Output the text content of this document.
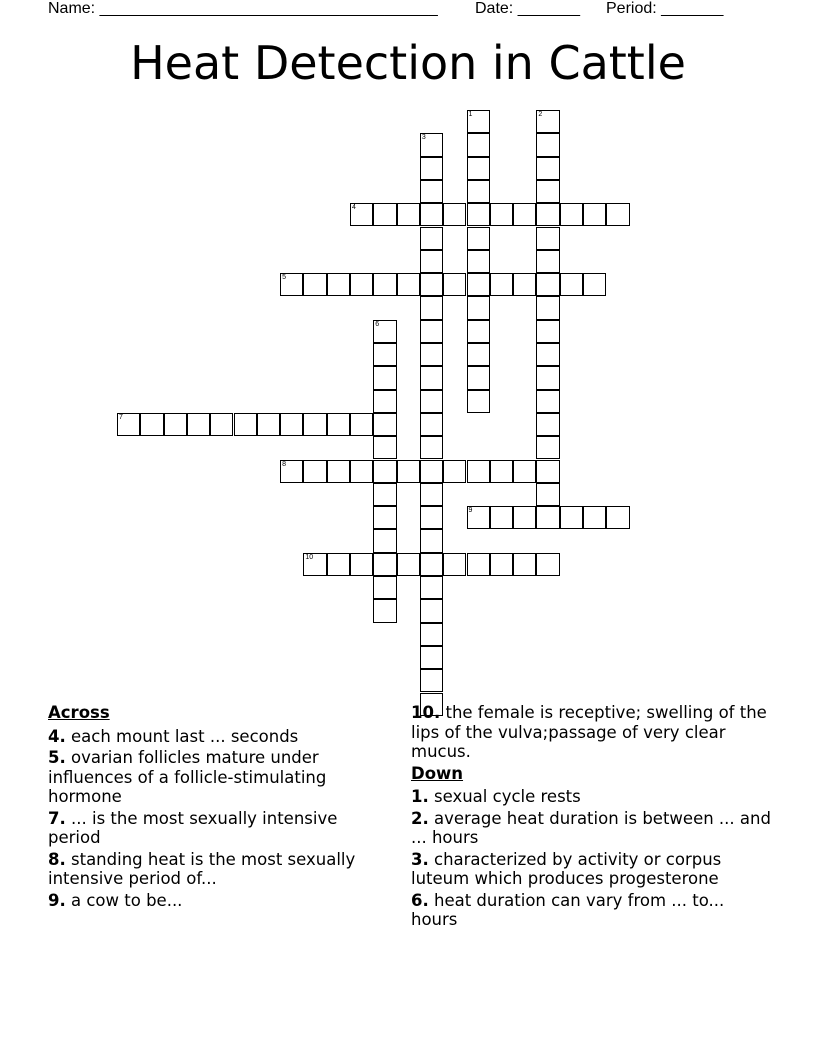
Name: ______________________________________

Date: _______

Period: _______

Heat Detection in Cattle
1	2
3
4
5
6
7
8
9
10
Across
4. each mount last ... seconds
5. ovarian follicles mature under influences of a follicle-stimulating hormone
7. ... is the most sexually intensive period
8. standing heat is the most sexually intensive period of...
9. a cow to be...
10. the female is receptive; swelling of the lips of the vulva;passage of very clear mucus.
Down
1. sexual cycle rests
2. average heat duration is between ... and ... hours
3. characterized by activity or corpus luteum which produces progesterone
6. heat duration can vary from ... to... hours
